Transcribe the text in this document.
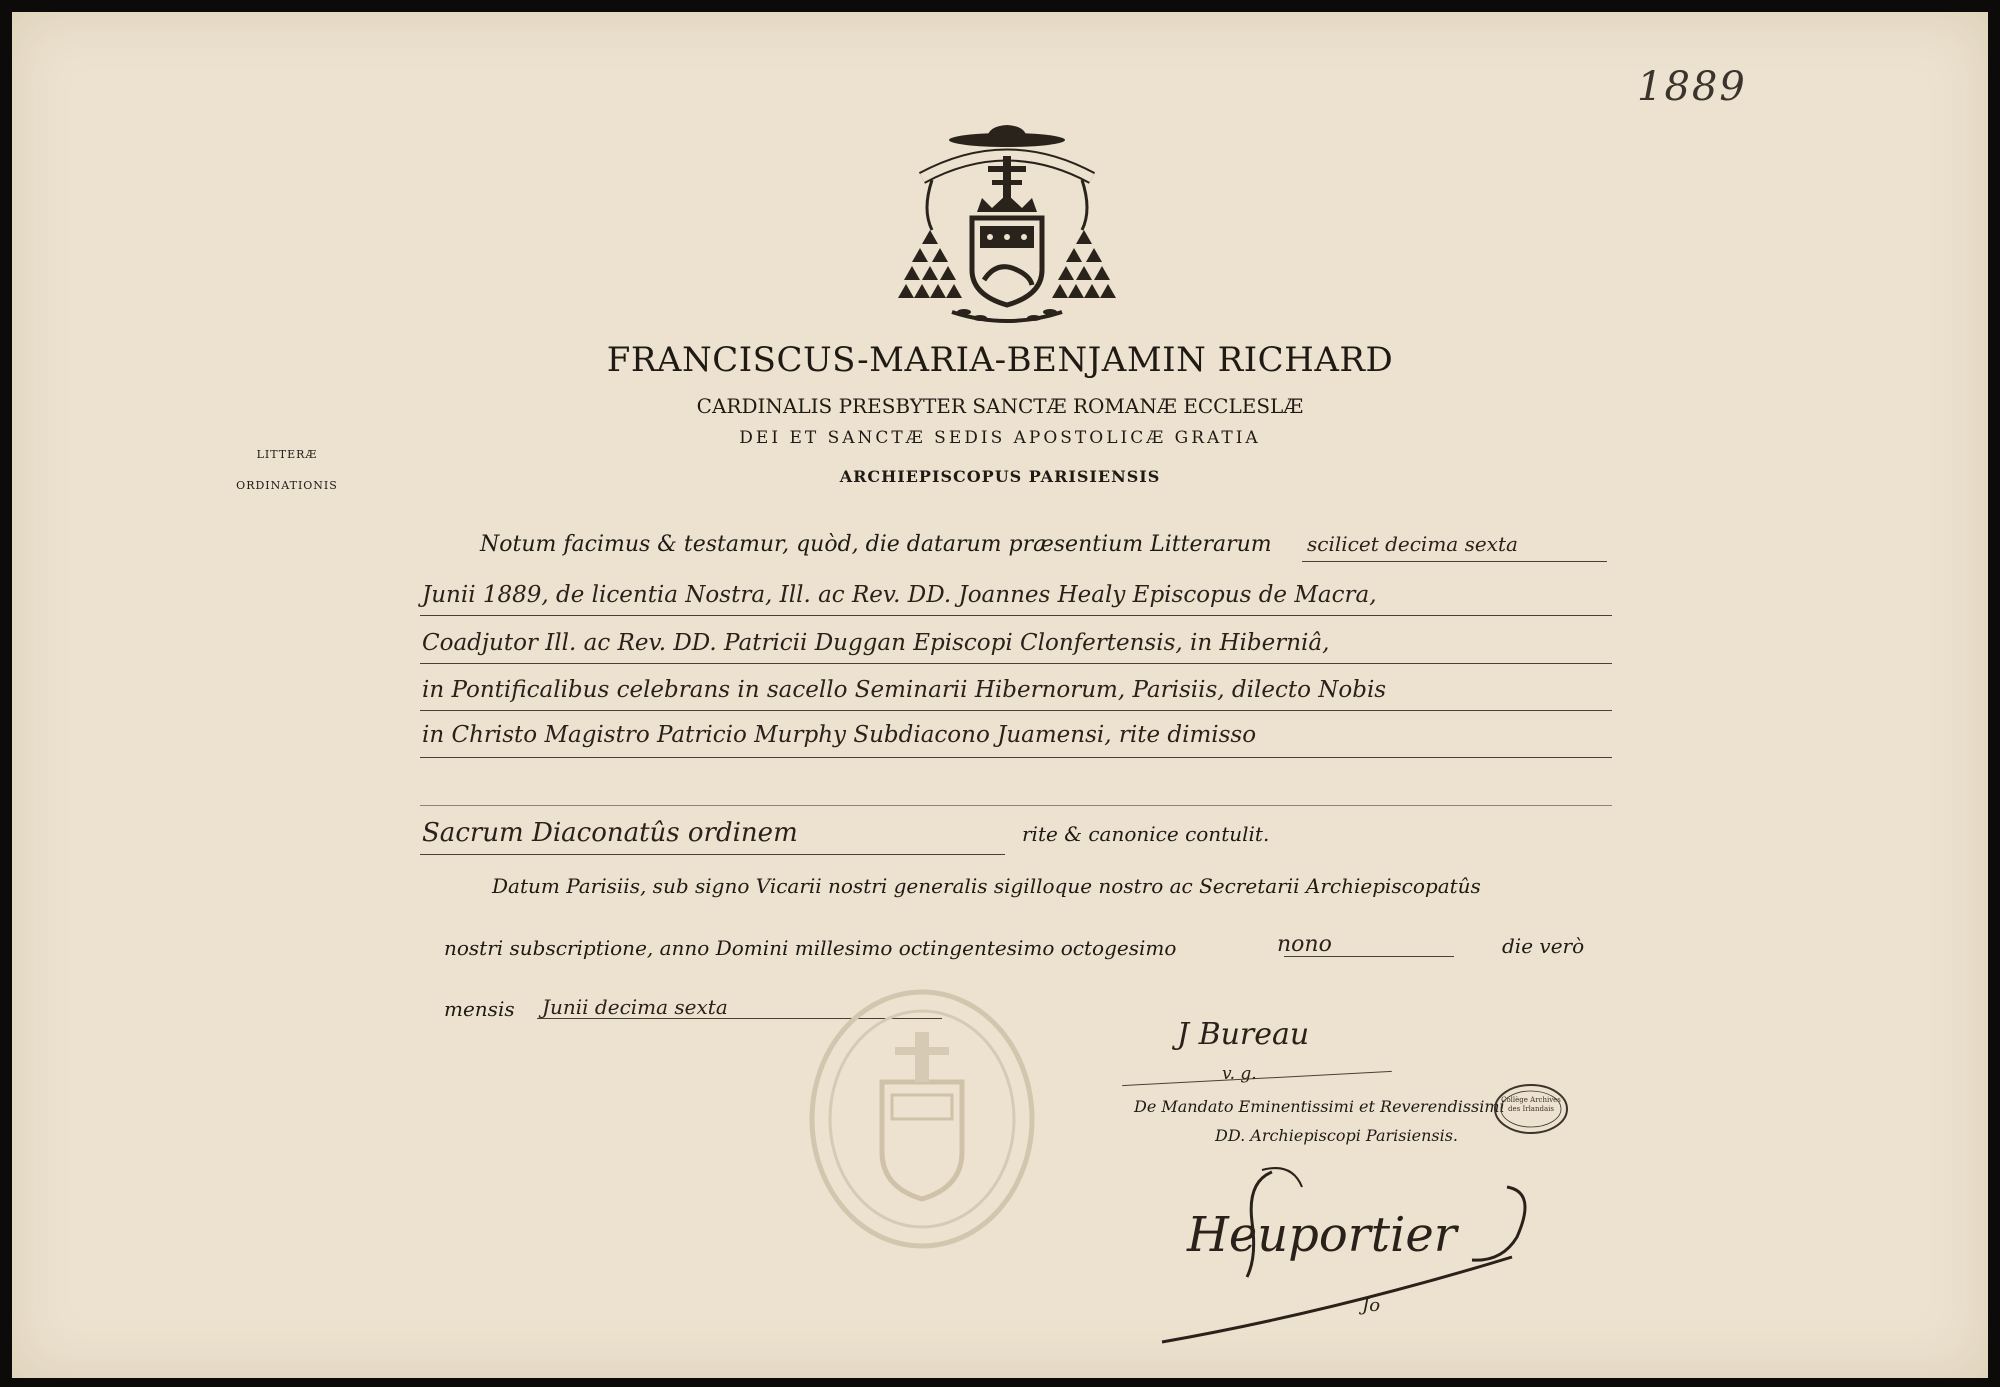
1889
FRANCISCUS-MARIA-BENJAMIN RICHARD
CARDINALIS PRESBYTER SANCTÆ ROMANÆ ECCLESLÆ
DEI ET SANCTÆ SEDIS APOSTOLICÆ GRATIA
ARCHIEPISCOPUS PARISIENSIS
LITTERÆ
ORDINATIONIS
Notum facimus & testamur, quòd, die datarum præsentium Litterarum scilicet decima sexta
Junii 1889, de licentia Nostra, Ill. ac Rev. DD. Joannes Healy Episcopus de Macra,
Coadjutor Ill. ac Rev. DD. Patricii Duggan Episcopi Clonfertensis, in Hiberniâ,
in Pontificalibus celebrans in sacello Seminarii Hibernorum, Parisiis, dilecto Nobis
in Christo Magistro Patricio Murphy Subdiacono Juamensi, rite dimisso
Sacrum Diaconatûs ordinem	rite & canonice contulit.
Datum Parisiis, sub signo Vicarii nostri generalis sigilloque nostro ac Secretarii Archiepiscopatûs
nostri subscriptione, anno Domini millesimo octingentesimo octogesimo	nono	die verò
mensis Junii decima sexta
J Bureau
v. g.
De Mandato Eminentissimi et Reverendissimi
DD. Archiepiscopi Parisiensis.
Collège Archives des Irlandais
Heuportier
Jo
